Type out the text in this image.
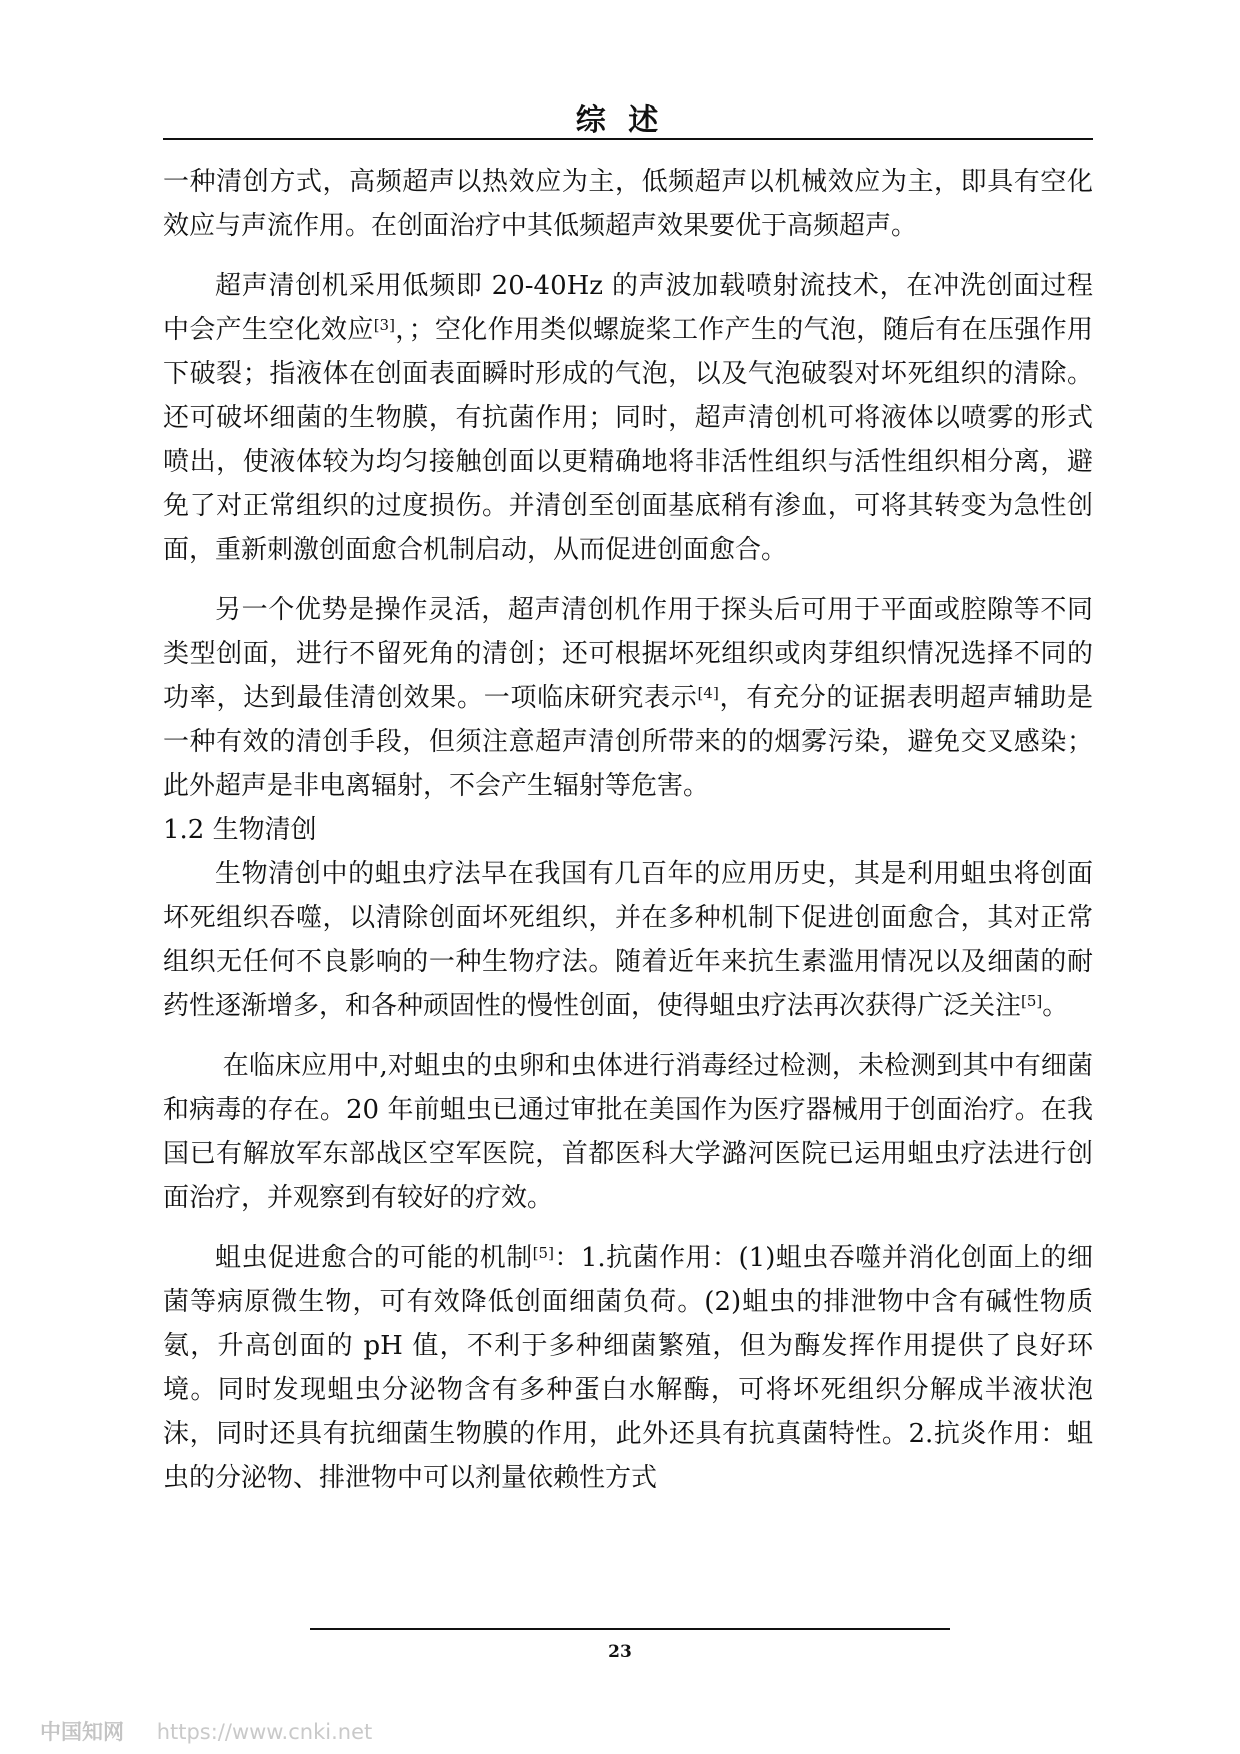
综 述

一种清创方式，高频超声以热效应为主，低频超声以机械效应为主，即具有空化效应与声流作用。在创面治疗中其低频超声效果要优于高频超声。

超声清创机采用低频即 20-40Hz 的声波加载喷射流技术，在冲洗创面过程中会产生空化效应[3]，；空化作用类似螺旋桨工作产生的气泡，随后有在压强作用下破裂；指液体在创面表面瞬时形成的气泡，以及气泡破裂对坏死组织的清除。还可破坏细菌的生物膜，有抗菌作用；同时，超声清创机可将液体以喷雾的形式喷出，使液体较为均匀接触创面以更精确地将非活性组织与活性组织相分离，避免了对正常组织的过度损伤。并清创至创面基底稍有渗血，可将其转变为急性创面，重新刺激创面愈合机制启动，从而促进创面愈合。

另一个优势是操作灵活，超声清创机作用于探头后可用于平面或腔隙等不同类型创面，进行不留死角的清创；还可根据坏死组织或肉芽组织情况选择不同的功率，达到最佳清创效果。一项临床研究表示[4]，有充分的证据表明超声辅助是一种有效的清创手段，但须注意超声清创所带来的的烟雾污染，避免交叉感染；此外超声是非电离辐射，不会产生辐射等危害。

1.2 生物清创

生物清创中的蛆虫疗法早在我国有几百年的应用历史，其是利用蛆虫将创面坏死组织吞噬，以清除创面坏死组织，并在多种机制下促进创面愈合，其对正常组织无任何不良影响的一种生物疗法。随着近年来抗生素滥用情况以及细菌的耐药性逐渐增多，和各种顽固性的慢性创面，使得蛆虫疗法再次获得广泛关注[5]。

在临床应用中,对蛆虫的虫卵和虫体进行消毒经过检测，未检测到其中有细菌和病毒的存在。20 年前蛆虫已通过审批在美国作为医疗器械用于创面治疗。在我国已有解放军东部战区空军医院，首都医科大学潞河医院已运用蛆虫疗法进行创面治疗，并观察到有较好的疗效。

蛆虫促进愈合的可能的机制[5]：1.抗菌作用：(1)蛆虫吞噬并消化创面上的细菌等病原微生物，可有效降低创面细菌负荷。(2)蛆虫的排泄物中含有碱性物质氨，升高创面的 pH 值，不利于多种细菌繁殖，但为酶发挥作用提供了良好环境。同时发现蛆虫分泌物含有多种蛋白水解酶，可将坏死组织分解成半液状泡沫，同时还具有抗细菌生物膜的作用，此外还具有抗真菌特性。2.抗炎作用：蛆虫的分泌物、排泄物中可以剂量依赖性方式

23
中国知网 https://www.cnki.net
